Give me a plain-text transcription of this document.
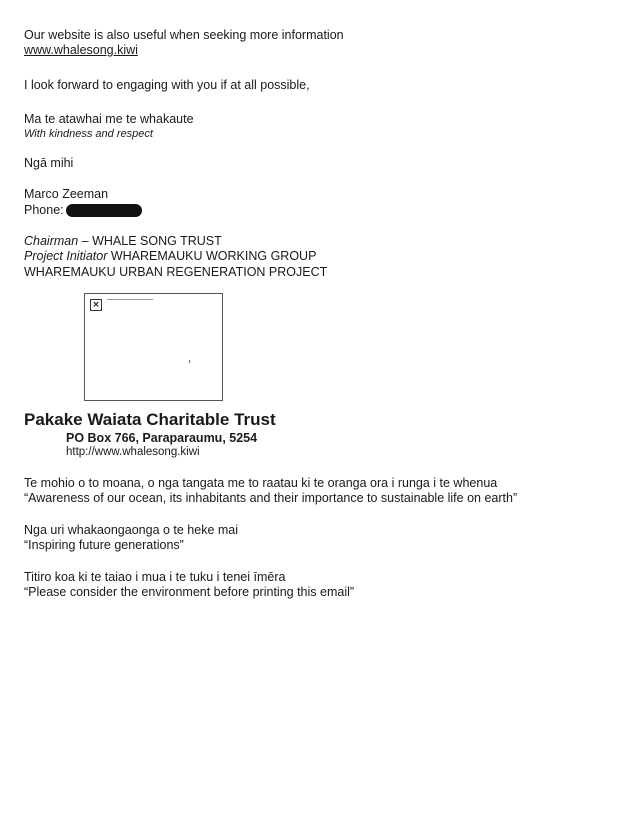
Our website is also useful when seeking more information
www.whalesong.kiwi
I look forward to engaging with you if at all possible,
Ma te atawhai me te whakaute
With kindness and respect
Ngā mihi
Marco Zeeman
Phone:
Chairman – WHALE SONG TRUST
Project Initiator WHAREMAUKU WORKING GROUP
WHAREMAUKU URBAN REGENERATION PROJECT
×
Pakake Waiata Charitable Trust
PO Box 766, Paraparaumu, 5254
http://www.whalesong.kiwi
Te mohio o to moana, o nga tangata me to raatau ki te oranga ora i runga i te whenua
“Awareness of our ocean, its inhabitants and their importance to sustainable life on earth”
Nga uri whakaongaonga o te heke mai
“Inspiring future generations”
Titiro koa ki te taiao i mua i te tuku i tenei īmēra
“Please consider the environment before printing this email”
